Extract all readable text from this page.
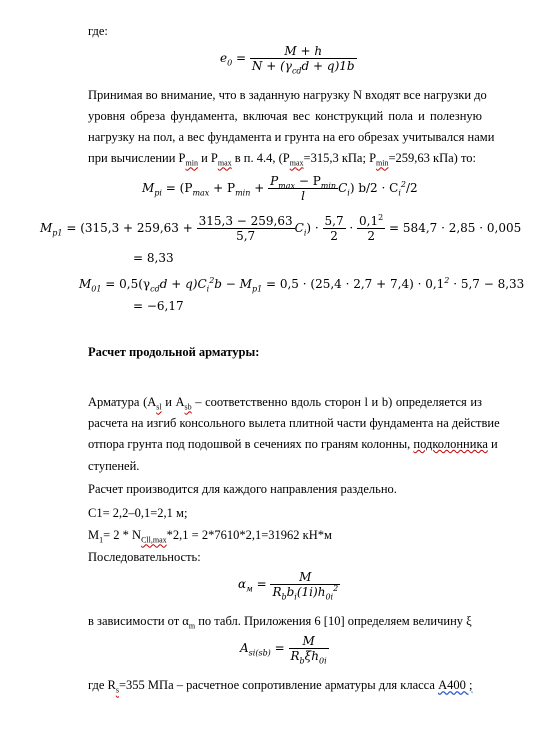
где:
$e_0 = \frac{M + h}{N + (\gamma_{cd}d + q)1b}$
Принимая во внимание, что в заданную нагрузку N входят все нагрузки до
уровня обреза фундамента, включая вес конструкций пола и полезную
нагрузку на пол, а вес фундамента и грунта на его обрезах учитывался нами
при вычислении $P_{min}$ и $P_{max}$ в п. 4.4, ($P_{max}=315,3$ кПа; $P_{min}=259,63$ кПа) то:
$M_{pi} = (P_{max} + P_{min} + \frac{P_{max} - P_{min}}{l} C_i) b/2 \cdot C_i^2/2$
$M_{p1} = (315,3 + 259,63 + \frac{315,3 - 259,63}{5,7} C_i) \cdot \frac{5,7}{2} \cdot \frac{0,1^2}{2} = 584,7 \cdot 2,85 \cdot 0,005$
= 8,33
$M_{01} = 0,5(\gamma_{cd}d + q)C_i^2b - M_{p1} = 0,5 \cdot (25,4 \cdot 2,7 + 7,4) \cdot 0,1^2 \cdot 5,7 - 8,33$
= −6,17
Расчет продольной арматуры:
Арматура ($A_{sl}$ и $A_{sb}$ – соответственно вдоль сторон l и b) определяется из
расчета на изгиб консольного вылета плитной части фундамента на действие
отпора грунта под подошвой в сечениях по граням колонны, подколонника и
ступеней.
Расчет производится для каждого направления раздельно.
C1= 2,2–0,1=2,1 м;
$M_1= 2 * N_{Cll,max}*2,1 = 2*7610*2,1=31962$ кН*м
Последовательность:
$\alpha_м = \frac{M}{R_bb_i(1i)h_{0i}^2}$
в зависимости от $\alpha_m$ по табл. Приложения 6 [10] определяем величину ξ
$A_{si(sb)} = \frac{M}{R_b\xi h_{0i}}$
где $R_s=355$ МПа – расчетное сопротивление арматуры для класса А400 ;
